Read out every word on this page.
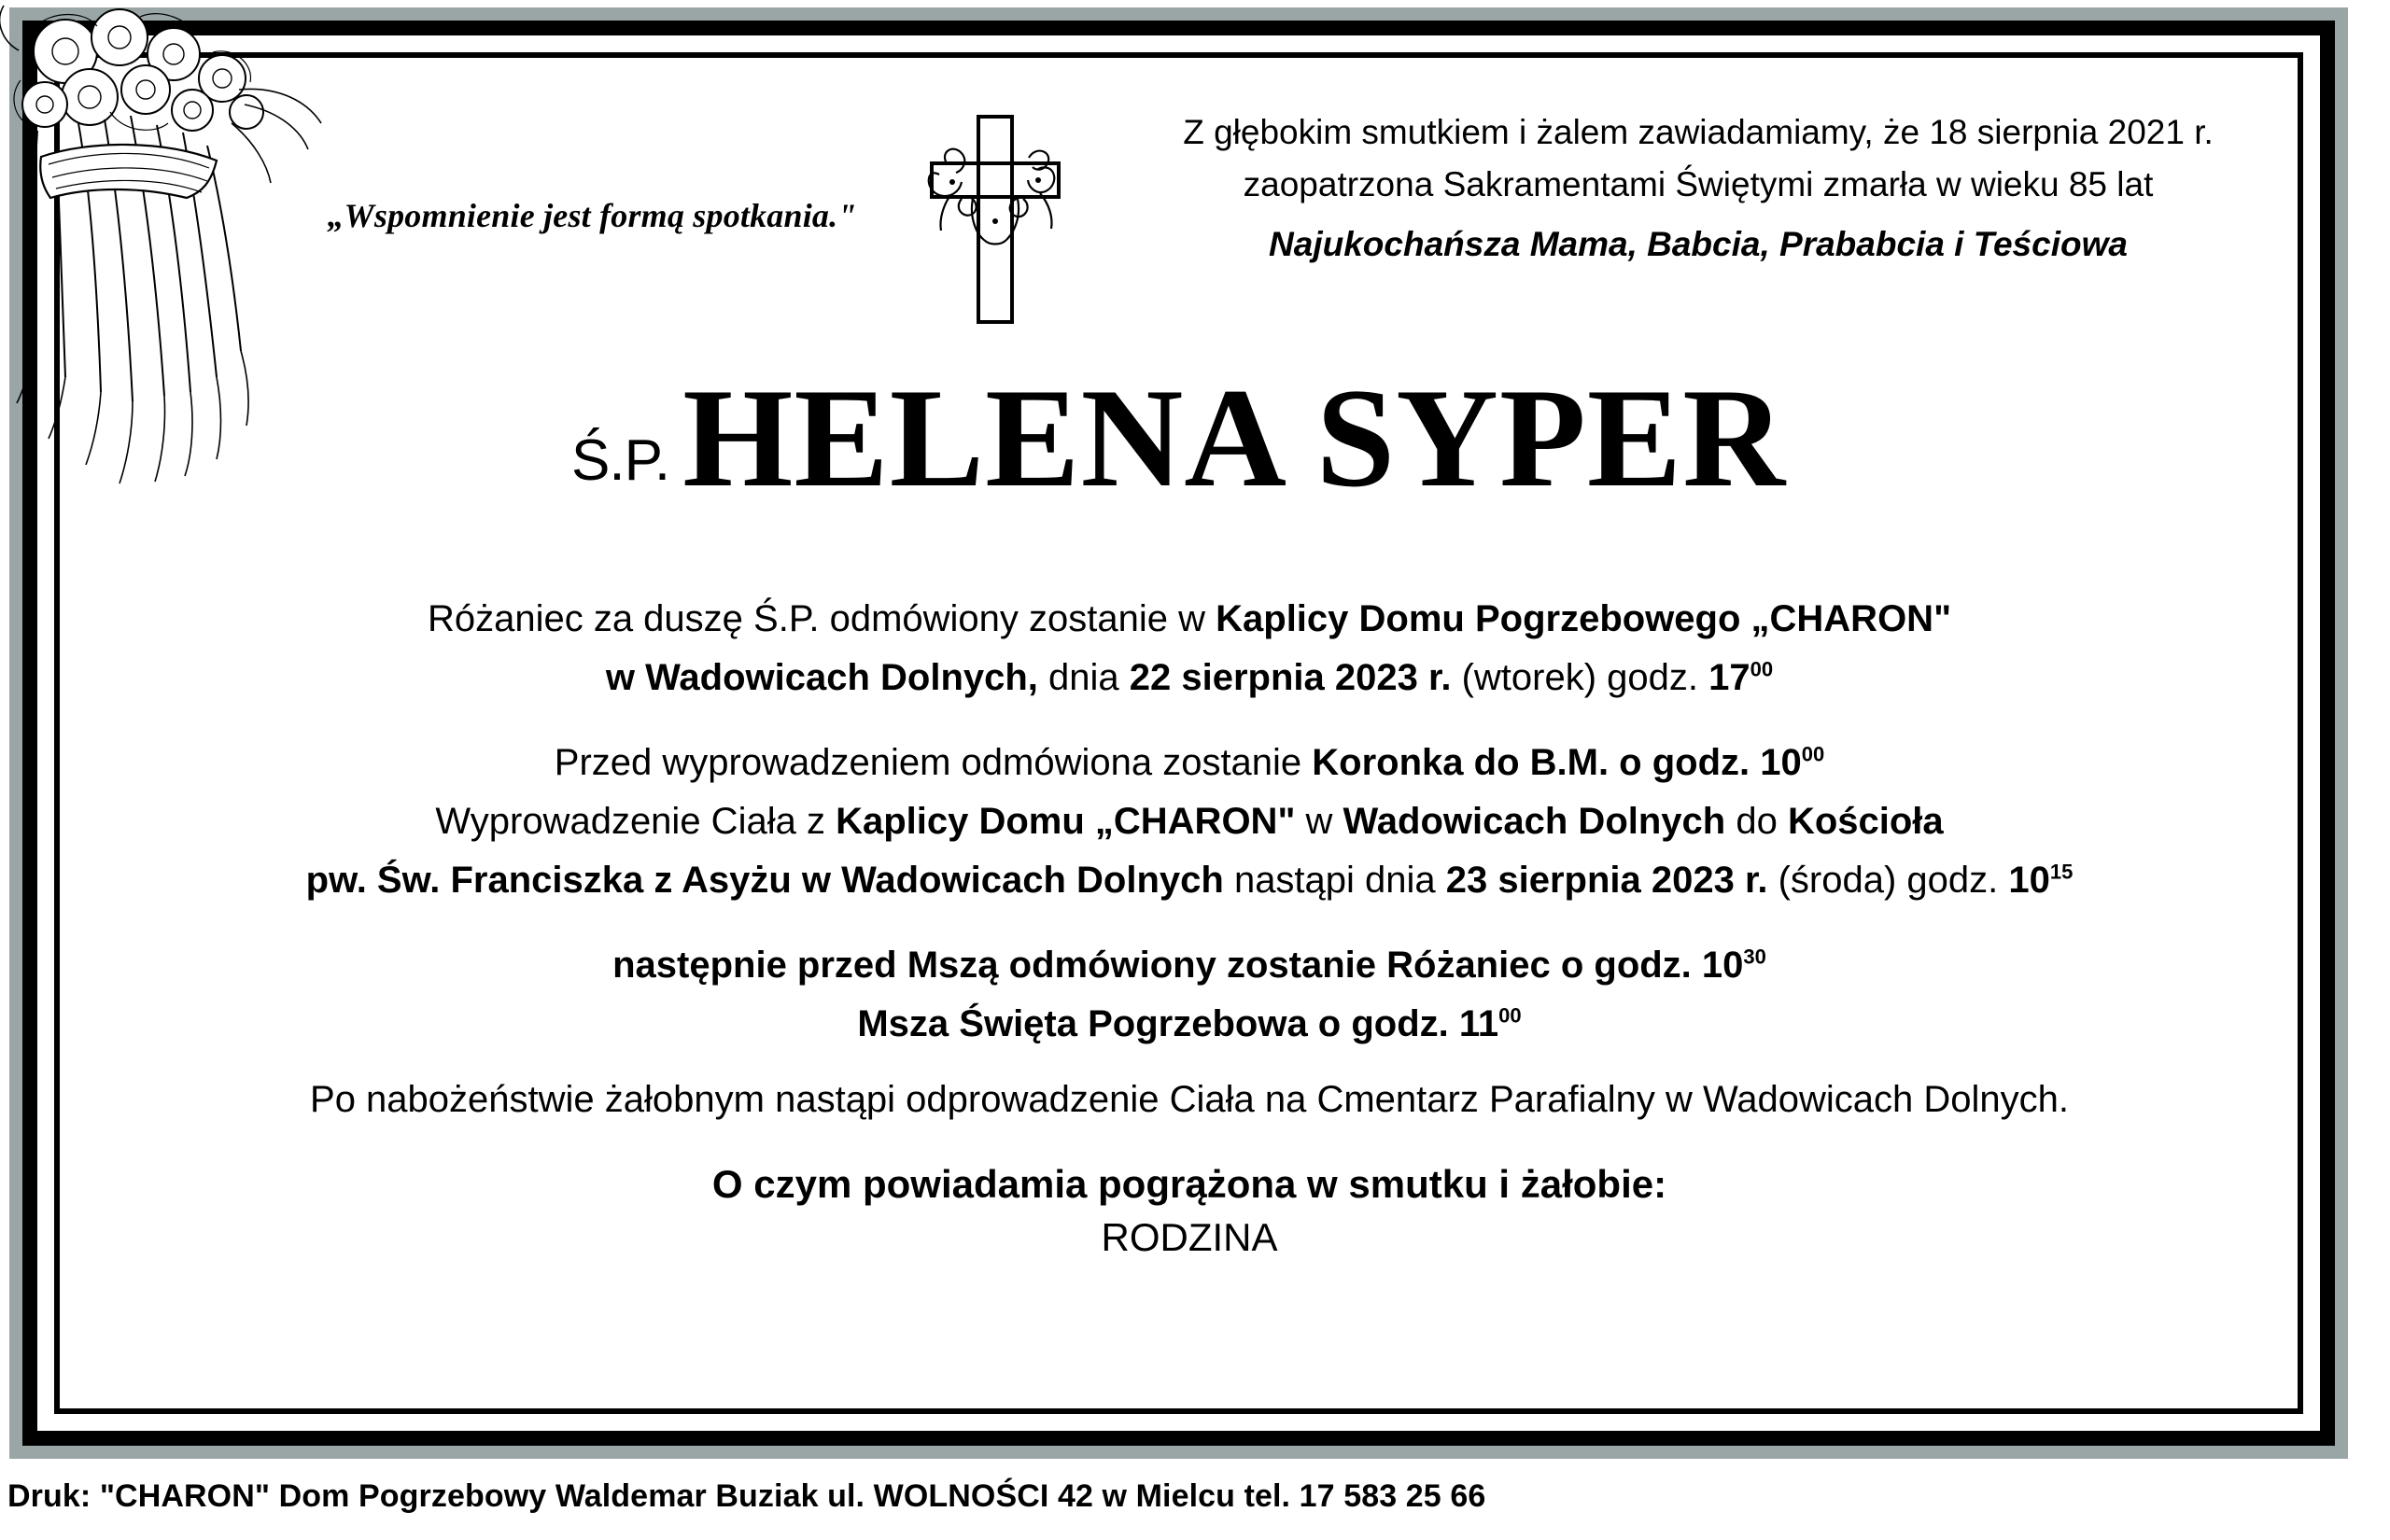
„Wspomnienie jest formą spotkania."
Z głębokim smutkiem i żalem zawiadamiamy, że 18 sierpnia 2021 r.
zaopatrzona Sakramentami Świętymi zmarła w wieku 85 lat
Najukochańsza Mama, Babcia, Prababcia i Teściowa
Ś.P.HELENA SYPER
Różaniec za duszę Ś.P. odmówiony zostanie w Kaplicy Domu Pogrzebowego „CHARON"
w Wadowicach Dolnych, dnia 22 sierpnia 2023 r. (wtorek) godz. $17^{00}$
Przed wyprowadzeniem odmówiona zostanie Koronka do B.M. o godz. $10^{00}$
Wyprowadzenie Ciała z Kaplicy Domu „CHARON" w Wadowicach Dolnych do Kościoła
pw. Św. Franciszka z Asyżu w Wadowicach Dolnych nastąpi dnia 23 sierpnia 2023 r. (środa) godz. $10^{15}$
następnie przed Mszą odmówiony zostanie Różaniec o godz. $10^{30}$
Msza Święta Pogrzebowa o godz. $11^{00}$
Po nabożeństwie żałobnym nastąpi odprowadzenie Ciała na Cmentarz Parafialny w Wadowicach Dolnych.
O czym powiadamia pogrążona w smutku i żałobie:
RODZINA
Druk: "CHARON" Dom Pogrzebowy Waldemar Buziak ul. WOLNOŚCI 42 w Mielcu tel. 17 583 25 66
